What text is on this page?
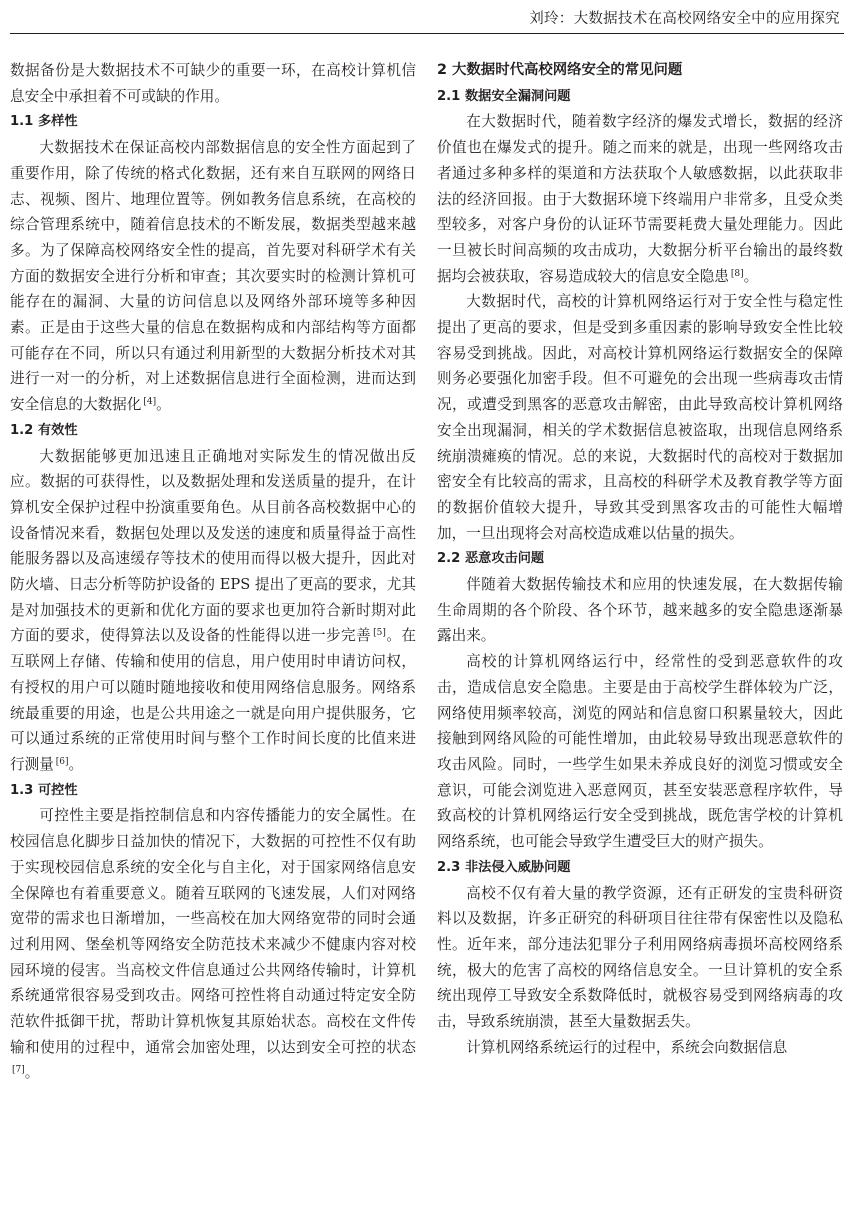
刘玲：大数据技术在高校网络安全中的应用探究

数据备份是大数据技术不可缺少的重要一环，在高校计算机信息安全中承担着不可或缺的作用。

1.1 多样性

大数据技术在保证高校内部数据信息的安全性方面起到了重要作用，除了传统的格式化数据，还有来自互联网的网络日志、视频、图片、地理位置等。例如教务信息系统，在高校的综合管理系统中，随着信息技术的不断发展，数据类型越来越多。为了保障高校网络安全性的提高，首先要对科研学术有关方面的数据安全进行分析和审查；其次要实时的检测计算机可能存在的漏洞、大量的访问信息以及网络外部环境等多种因素。正是由于这些大量的信息在数据构成和内部结构等方面都可能存在不同，所以只有通过利用新型的大数据分析技术对其进行一对一的分析，对上述数据信息进行全面检测，进而达到安全信息的大数据化 [4]。

1.2 有效性

大数据能够更加迅速且正确地对实际发生的情况做出反应。数据的可获得性，以及数据处理和发送质量的提升，在计算机安全保护过程中扮演重要角色。从目前各高校数据中心的设备情况来看，数据包处理以及发送的速度和质量得益于高性能服务器以及高速缓存等技术的使用而得以极大提升，因此对防火墙、日志分析等防护设备的 EPS 提出了更高的要求，尤其是对加强技术的更新和优化方面的要求也更加符合新时期对此方面的要求，使得算法以及设备的性能得以进一步完善 [5]。在互联网上存储、传输和使用的信息，用户使用时申请访问权，有授权的用户可以随时随地接收和使用网络信息服务。网络系统最重要的用途，也是公共用途之一就是向用户提供服务，它可以通过系统的正常使用时间与整个工作时间长度的比值来进行测量 [6]。

1.3 可控性

可控性主要是指控制信息和内容传播能力的安全属性。在校园信息化脚步日益加快的情况下，大数据的可控性不仅有助于实现校园信息系统的安全化与自主化，对于国家网络信息安全保障也有着重要意义。随着互联网的飞速发展，人们对网络宽带的需求也日渐增加，一些高校在加大网络宽带的同时会通过利用网、堡垒机等网络安全防范技术来减少不健康内容对校园环境的侵害。当高校文件信息通过公共网络传输时，计算机系统通常很容易受到攻击。网络可控性将自动通过特定安全防范软件抵御干扰，帮助计算机恢复其原始状态。高校在文件传输和使用的过程中，通常会加密处理，以达到安全可控的状态[7]。

2 大数据时代高校网络安全的常见问题
2.1 数据安全漏洞问题

在大数据时代，随着数字经济的爆发式增长，数据的经济价值也在爆发式的提升。随之而来的就是，出现一些网络攻击者通过多种多样的渠道和方法获取个人敏感数据，以此获取非法的经济回报。由于大数据环境下终端用户非常多，且受众类型较多，对客户身份的认证环节需要耗费大量处理能力。因此一旦被长时间高频的攻击成功，大数据分析平台输出的最终数据均会被获取，容易造成较大的信息安全隐患 [8]。

大数据时代，高校的计算机网络运行对于安全性与稳定性提出了更高的要求，但是受到多重因素的影响导致安全性比较容易受到挑战。因此，对高校计算机网络运行数据安全的保障则务必要强化加密手段。但不可避免的会出现一些病毒攻击情况，或遭受到黑客的恶意攻击解密，由此导致高校计算机网络安全出现漏洞，相关的学术数据信息被盗取，出现信息网络系统崩溃瘫痪的情况。总的来说，大数据时代的高校对于数据加密安全有比较高的需求，且高校的科研学术及教育教学等方面的数据价值较大提升，导致其受到黑客攻击的可能性大幅增加，一旦出现将会对高校造成难以估量的损失。

2.2 恶意攻击问题

伴随着大数据传输技术和应用的快速发展，在大数据传输生命周期的各个阶段、各个环节，越来越多的安全隐患逐渐暴露出来。

高校的计算机网络运行中，经常性的受到恶意软件的攻击，造成信息安全隐患。主要是由于高校学生群体较为广泛，网络使用频率较高，浏览的网站和信息窗口积累量较大，因此接触到网络风险的可能性增加，由此较易导致出现恶意软件的攻击风险。同时，一些学生如果未养成良好的浏览习惯或安全意识，可能会浏览进入恶意网页，甚至安装恶意程序软件，导致高校的计算机网络运行安全受到挑战，既危害学校的计算机网络系统，也可能会导致学生遭受巨大的财产损失。

2.3 非法侵入威胁问题

高校不仅有着大量的教学资源，还有正研发的宝贵科研资料以及数据，许多正研究的科研项目往往带有保密性以及隐私性。近年来，部分违法犯罪分子利用网络病毒损坏高校网络系统，极大的危害了高校的网络信息安全。一旦计算机的安全系统出现停工导致安全系数降低时，就极容易受到网络病毒的攻击，导致系统崩溃，甚至大量数据丢失。

计算机网络系统运行的过程中，系统会向数据信息
